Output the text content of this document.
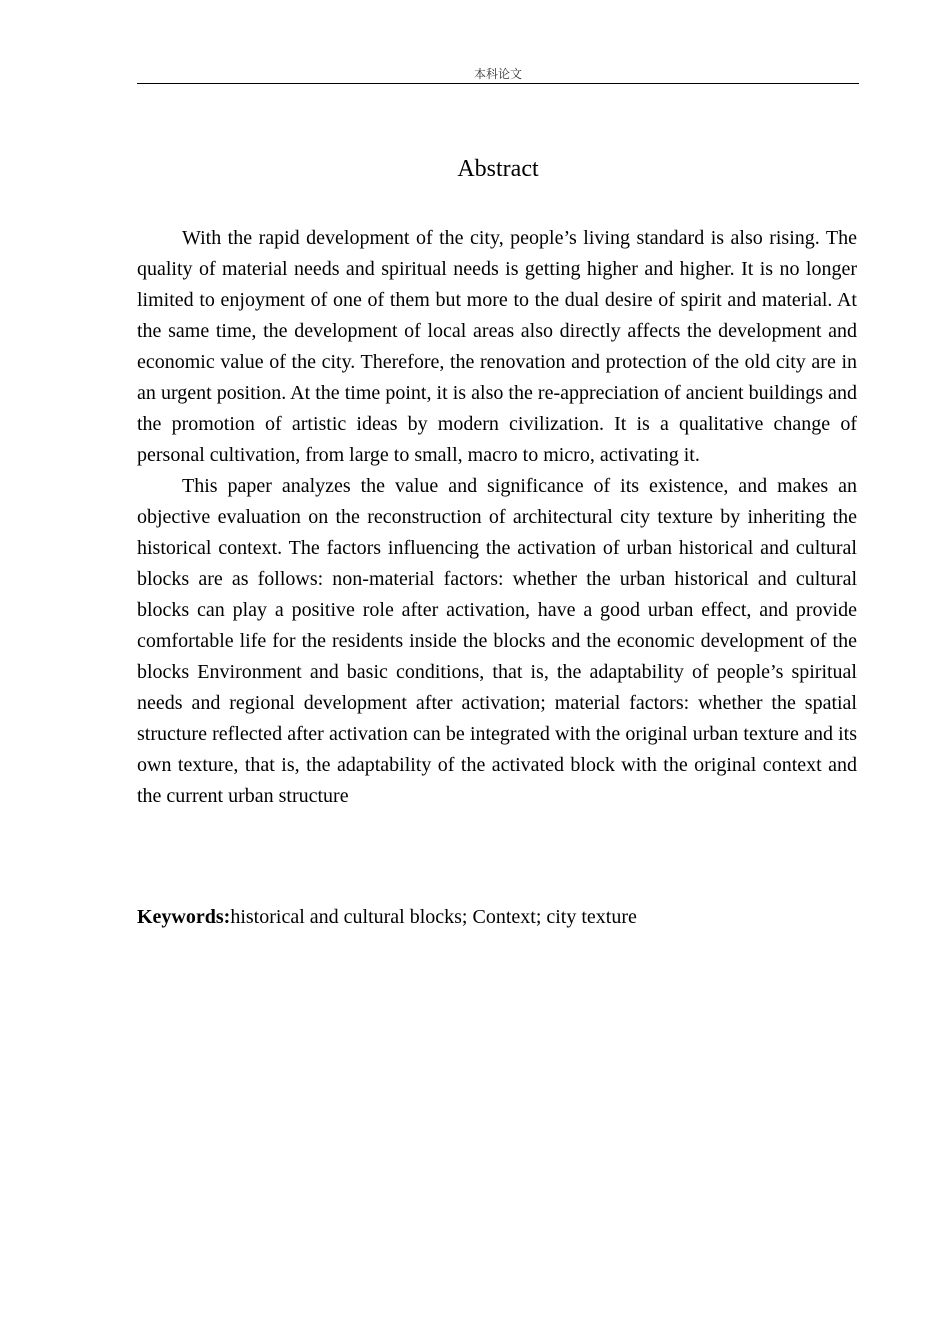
本科论文
Abstract

With the rapid development of the city, people’s living standard is also rising. The quality of material needs and spiritual needs is getting higher and higher. It is no longer limited to enjoyment of one of them but more to the dual desire of spirit and material. At the same time, the development of local areas also directly affects the development and economic value of the city. Therefore, the renovation and protection of the old city are in an urgent position. At the time point, it is also the re-appreciation of ancient buildings and the promotion of artistic ideas by modern civilization. It is a qualitative change of personal cultivation, from large to small, macro to micro, activating it.

This paper analyzes the value and significance of its existence, and makes an objective evaluation on the reconstruction of architectural city texture by inheriting the historical context. The factors influencing the activation of urban historical and cultural blocks are as follows: non-material factors: whether the urban historical and cultural blocks can play a positive role after activation, have a good urban effect, and provide comfortable life for the residents inside the blocks and the economic development of the blocks Environment and basic conditions, that is, the adaptability of people’s spiritual needs and regional development after activation; material factors: whether the spatial structure reflected after activation can be integrated with the original urban texture and its own texture, that is, the adaptability of the activated block with the original context and the current urban structure

Keywords:historical and cultural blocks; Context; city texture
